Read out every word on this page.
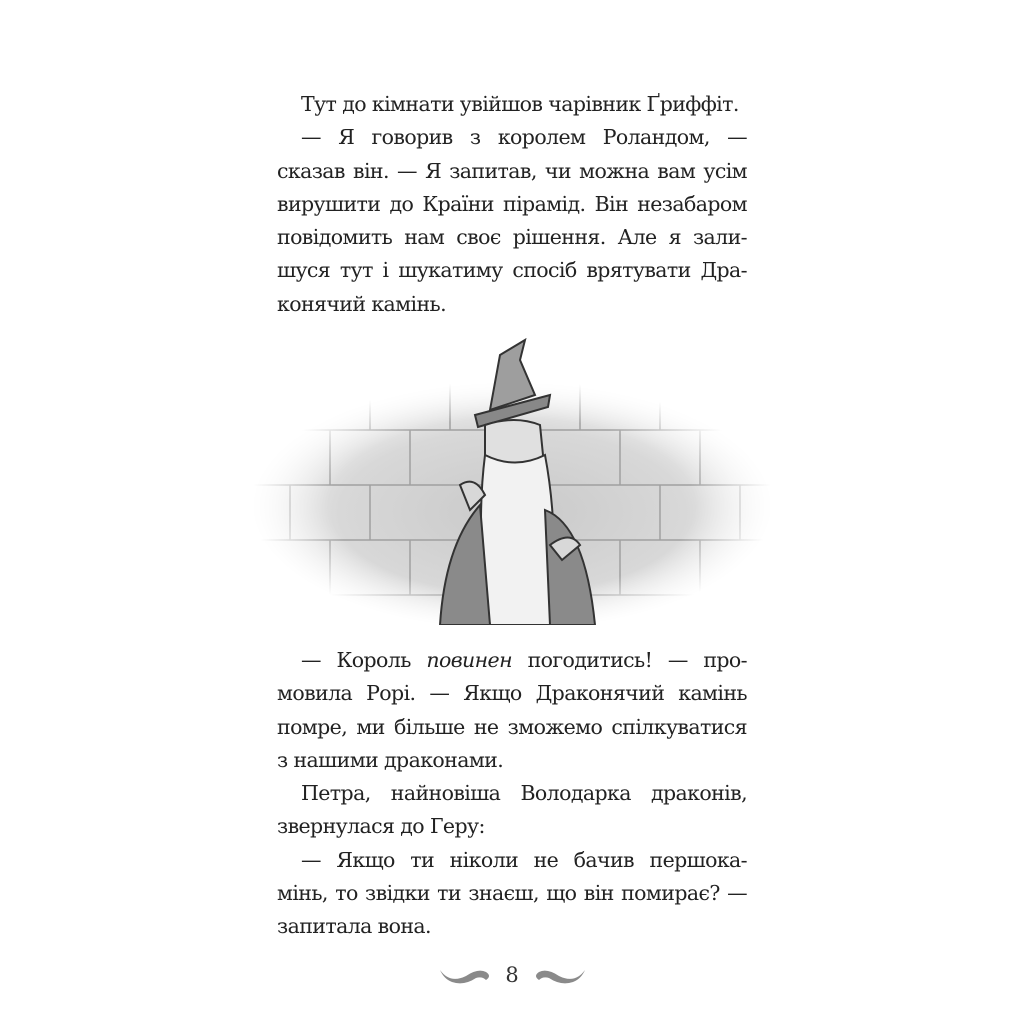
Тут до кімнати увійшов чарівник Ґриффіт.
— Я говорив з королем Роландом, —
сказав він. — Я запитав, чи можна вам усім
вирушити до Країни пірамід. Він незабаром
повідомить нам своє рішення. Але я зали-
шуся тут і шукатиму спосіб врятувати Дра-
конячий камінь.
— Король повинен погодитись! — про-
мовила Рорі. — Якщо Драконячий камінь
помре, ми більше не зможемо спілкуватися
з нашими драконами.
Петра, найновіша Володарка драконів,
звернулася до Геру:
— Якщо ти ніколи не бачив першока-
мінь, то звідки ти знаєш, що він помирає? —
запитала вона.
8
